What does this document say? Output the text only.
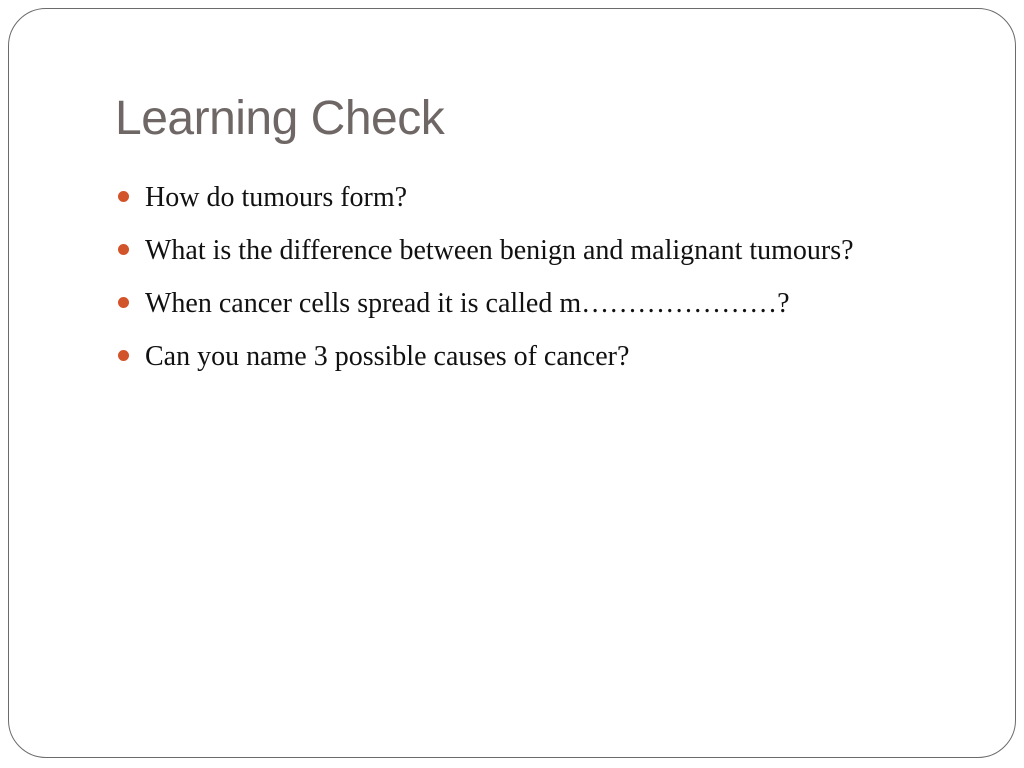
Learning Check
How do tumours form?
What is the difference between benign and malignant tumours?
When cancer cells spread it is called m…………………?
Can you name 3 possible causes of cancer?
